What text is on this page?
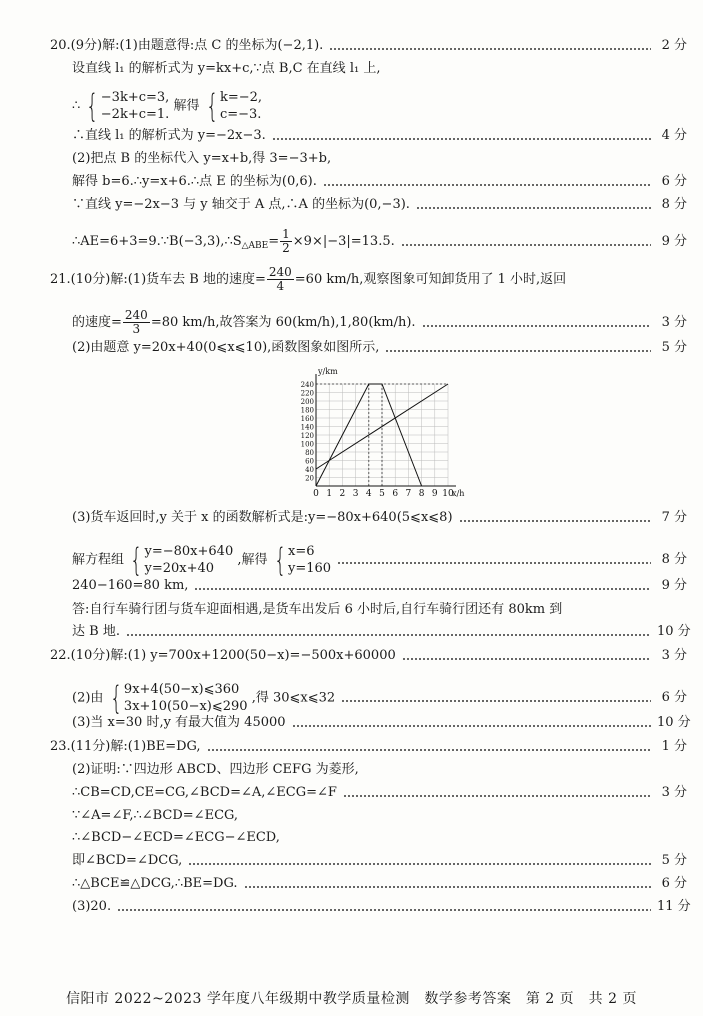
20.(9分)解:(1)由题意得:点 C 的坐标为(−2,1).	2 分
设直线 l₁ 的解析式为 y=kx+c,∵点 B,C 在直线 l₁ 上,
∴ { −3k+c=3,
−2k+c=1.
解得 { k=−2,
c=−3.
∴直线 l₁ 的解析式为 y=−2x−3.	4 分
(2)把点 B 的坐标代入 y=x+b,得 3=−3+b,
解得 b=6.∴y=x+6.∴点 E 的坐标为(0,6).	6 分
∵直线 y=−2x−3 与 y 轴交于 A 点,∴A 的坐标为(0,−3).	8 分
$\therefore AE=6+3=9.\because B(-3,3),\therefore S_{\triangle ABE}= \frac{1}{2} \times 9\times|-3|=13.5$.	9 分
21.(10分)解:(1)货车去 B 地的速度= $\frac{240}{4} =60$ km/h,观察图象可知卸货用了 1 小时,返回
的速度= $\frac{240}{3} =80$ km/h,故答案为 60(km/h),1,80(km/h).	3 分
(2)由题意 y=20x+40(0⩽x⩽10),函数图象如图所示,	5 分
0 1 2 3 4 5 6 7 8 9 10
20
40
60
80
100
120
140
160
180
200
220
240
y/km
x/h
(3)货车返回时,y 关于 x 的函数解析式是:y=−80x+640(5⩽x⩽8)	7 分
解方程组 { y=−80x+640
y=20x+40
,解得 { x=6
y=160
8 分
240−160=80 km,	9 分
答:自行车骑行团与货车迎面相遇,是货车出发后 6 小时后,自行车骑行团还有 80km 到
达 B 地.	10 分
22.(10分)解:(1) y=700x+1200(50−x)=−500x+60000	3 分
(2)由 { 9x+4(50−x)⩽360
3x+10(50−x)⩽290
,得 30⩽x⩽32	6 分
(3)当 x=30 时,y 有最大值为 45000	10 分
23.(11分)解:(1)BE=DG,	1 分
(2)证明:∵四边形 ABCD、四边形 CEFG 为菱形,
∴CB=CD,CE=CG,∠BCD=∠A,∠ECG=∠F	3 分
∵∠A=∠F,∴∠BCD=∠ECG,
∴∠BCD−∠ECD=∠ECG−∠ECD,
即∠BCD=∠DCG,	5 分
∴△BCE≌△DCG,∴BE=DG.	6 分
(3)20.	11 分
信阳市 2022~2023 学年度八年级期中教学质量检测　数学参考答案　第 2 页　共 2 页
